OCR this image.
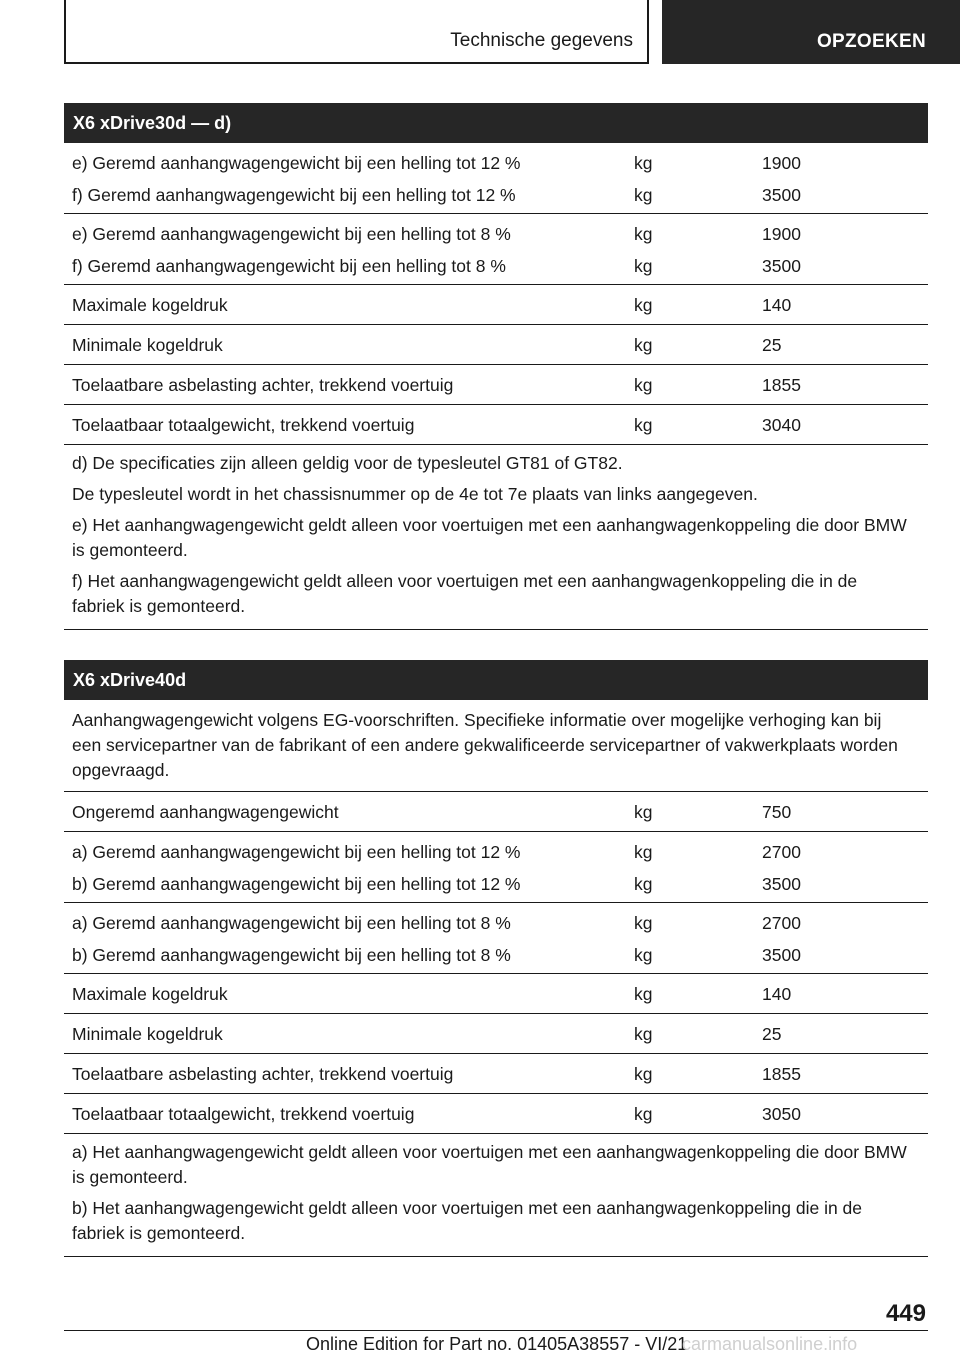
Technische gegevens	OPZOEKEN
X6 xDrive30d — d)
e) Geremd aanhangwagengewicht bij een helling tot 12 %	kg	1900
f) Geremd aanhangwagengewicht bij een helling tot 12 %	kg	3500
e) Geremd aanhangwagengewicht bij een helling tot 8 %	kg	1900
f) Geremd aanhangwagengewicht bij een helling tot 8 %	kg	3500
Maximale kogeldruk	kg	140
Minimale kogeldruk	kg	25
Toelaatbare asbelasting achter, trekkend voertuig	kg	1855
Toelaatbaar totaalgewicht, trekkend voertuig	kg	3040

d) De specificaties zijn alleen geldig voor de typesleutel GT81 of GT82.

De typesleutel wordt in het chassisnummer op de 4e tot 7e plaats van links aangegeven.

e) Het aanhangwagengewicht geldt alleen voor voertuigen met een aanhangwagenkoppeling die door BMW is gemonteerd.

f) Het aanhangwagengewicht geldt alleen voor voertuigen met een aanhangwagenkoppeling die in de fabriek is gemonteerd.

X6 xDrive40d
Aanhangwagengewicht volgens EG-voorschriften. Specifieke informatie over mogelijke verhoging kan bij een servicepartner van de fabrikant of een andere gekwalificeerde servicepartner of vakwerkplaats worden opgevraagd.
Ongeremd aanhangwagengewicht	kg	750
a) Geremd aanhangwagengewicht bij een helling tot 12 %	kg	2700
b) Geremd aanhangwagengewicht bij een helling tot 12 %	kg	3500
a) Geremd aanhangwagengewicht bij een helling tot 8 %	kg	2700
b) Geremd aanhangwagengewicht bij een helling tot 8 %	kg	3500
Maximale kogeldruk	kg	140
Minimale kogeldruk	kg	25
Toelaatbare asbelasting achter, trekkend voertuig	kg	1855
Toelaatbaar totaalgewicht, trekkend voertuig	kg	3050

a) Het aanhangwagengewicht geldt alleen voor voertuigen met een aanhangwagenkoppeling die door BMW is gemonteerd.

b) Het aanhangwagengewicht geldt alleen voor voertuigen met een aanhangwagenkoppeling die in de fabriek is gemonteerd.

449
Online Edition for Part no. 01405A38557 - VI/21
carmanualsonline.info
